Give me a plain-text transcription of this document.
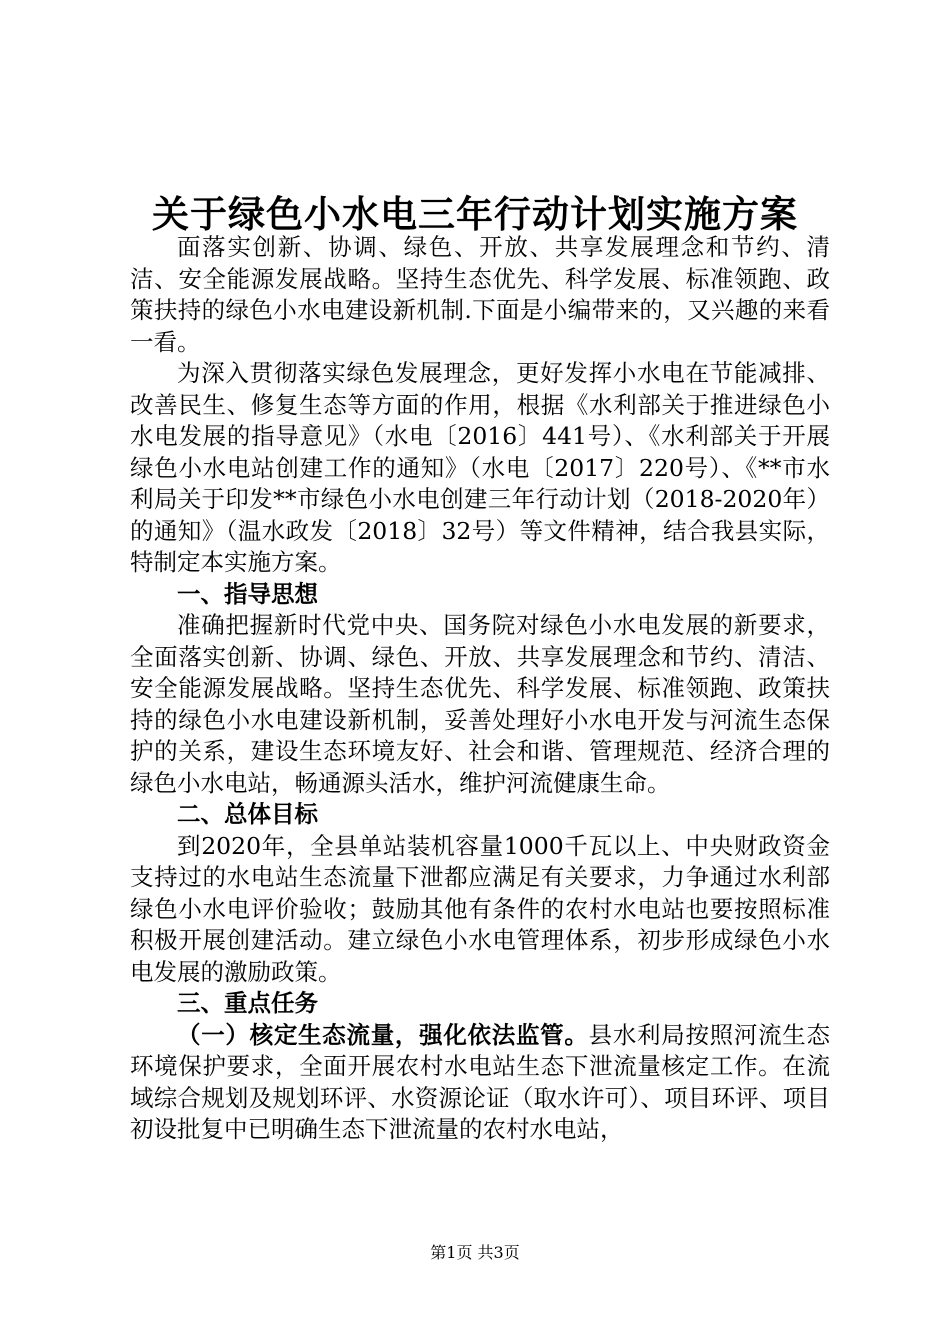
关于绿色小水电三年行动计划实施方案

面落实创新、协调、绿色、开放、共享发展理念和节约、清洁、安全能源发展战略。坚持生态优先、科学发展、标准领跑、政策扶持的绿色小水电建设新机制.下面是小编带来的，又兴趣的来看一看。

为深入贯彻落实绿色发展理念，更好发挥小水电在节能减排、改善民生、修复生态等方面的作用，根据《水利部关于推进绿色小水电发展的指导意见》（水电〔2016〕441号）、《水利部关于开展绿色小水电站创建工作的通知》（水电〔2017〕220号）、《**市水利局关于印发**市绿色小水电创建三年行动计划（2018-2020年）的通知》（温水政发〔2018〕32号）等文件精神，结合我县实际，特制定本实施方案。

一、指导思想

准确把握新时代党中央、国务院对绿色小水电发展的新要求，全面落实创新、协调、绿色、开放、共享发展理念和节约、清洁、安全能源发展战略。坚持生态优先、科学发展、标准领跑、政策扶持的绿色小水电建设新机制，妥善处理好小水电开发与河流生态保护的关系，建设生态环境友好、社会和谐、管理规范、经济合理的绿色小水电站，畅通源头活水，维护河流健康生命。

二、总体目标

到2020年，全县单站装机容量1000千瓦以上、中央财政资金支持过的水电站生态流量下泄都应满足有关要求，力争通过水利部绿色小水电评价验收；鼓励其他有条件的农村水电站也要按照标准积极开展创建活动。建立绿色小水电管理体系，初步形成绿色小水电发展的激励政策。

三、重点任务

（一）核定生态流量，强化依法监管。县水利局按照河流生态环境保护要求，全面开展农村水电站生态下泄流量核定工作。在流域综合规划及规划环评、水资源论证（取水许可）、项目环评、项目初设批复中已明确生态下泄流量的农村水电站，

第1页 共3页
